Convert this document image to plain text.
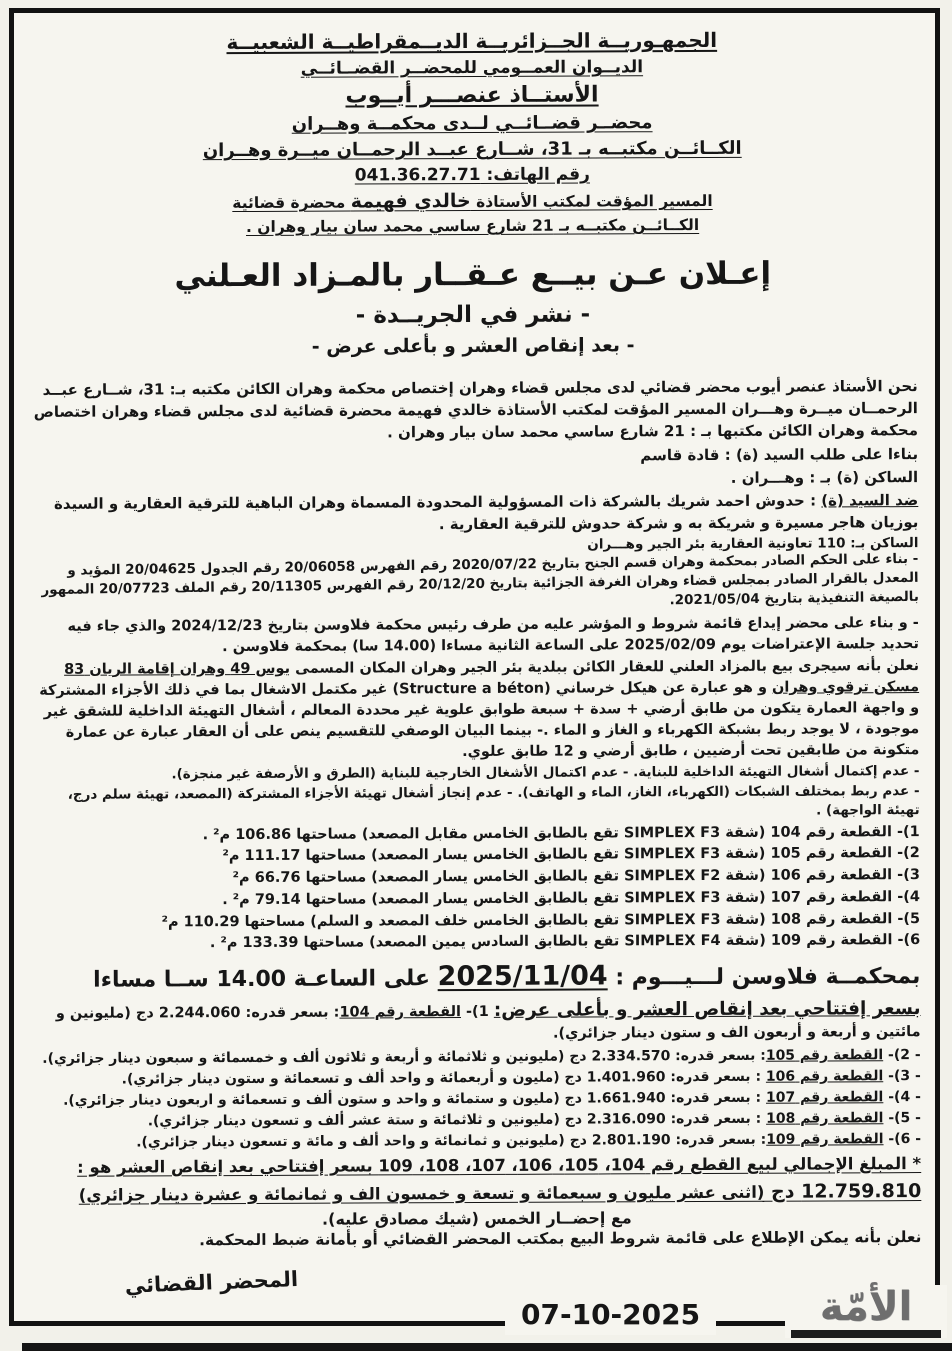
الجمهـوريــة الجــزائريــة الديــمقراطيــة الشعبيــة
الديــوان العمــومي للمحضــر القضــائــي
الأستــاذ عنصـــر أيــوب
محضــر قضــائــي لــدى محكمــة وهــران
الكــائــن مكتبــه بـ 31، شــارع عبــد الرحمــان ميــرة وهــران
رقم الهاتف: 041.36.27.71
المسير المؤقت لمكتب الأستاذة خالدي فهيمة محضرة قضائية
الكــائــن مكتبــه بـ 21 شارع ساسي محمد سان بيار وهران .
إعـلان عـن بيــع عـقــار بالمـزاد العـلني
- نشر في الجريــدة -
- بعد إنقاص العشر و بأعلى عرض -

نحن الأستاذ عنصر أيوب محضر قضائي لدى مجلس قضاء وهران إختصاص محكمة وهران الكائن مكتبه بـ: 31، شــارع عبــد الرحمــان ميــرة وهـــران المسير المؤقت لمكتب الأستاذة خالدي فهيمة محضرة قضائية لدى مجلس قضاء وهران اختصاص محكمة وهران الكائن مكتبها بـ : 21 شارع ساسي محمد سان بيار وهران .

بناءا على طلب السيد (ة) : قادة قاسم

الساكن (ة) بـ : وهـــران .

ضد السيد (ة) : حدوش احمد شريك بالشركة ذات المسؤولية المحدودة المسماة وهران الباهية للترقية العقارية و السيدة بوزيان هاجر مسيرة و شريكة به و شركة حدوش للترقية العقارية .

الساكن بـ: 110 تعاونية العقارية بئر الجير وهـــران

- بناء على الحكم الصادر بمحكمة وهران قسم الجنح بتاريخ 2020/07/22 رقم الفهرس 20/06058 رقم الجدول 20/04625 المؤيد و المعدل بالقرار الصادر بمجلس قضاء وهران الغرفة الجزائية بتاريخ 20/12/20 رقم الفهرس 20/11305 رقم الملف 20/07723 الممهور بالصيغة التنفيذية بتاريخ 2021/05/04.

- و بناء على محضر إيداع قائمة شروط و المؤشر عليه من طرف رئيس محكمة فلاوسن بتاريخ 2024/12/23 والذي جاء فيه تحديد جلسة الإعتراضات يوم 2025/02/09 على الساعة الثانية مساءا (14.00 سا) بمحكمة فلاوسن .

نعلن بأنه سيجرى بيع بالمزاد العلني للعقار الكائن ببلدية بئر الجير وهران المكان المسمى يوس 49 وهران إقامة الريان 83 مسكن ترقوي وهران و هو عبارة عن هيكل خرساني (Structure a béton) غير مكتمل الاشغال بما في ذلك الأجزاء المشتركة و واجهة العمارة يتكون من طابق أرضي + سدة + سبعة طوابق علوية غير محددة المعالم ، أشغال التهيئة الداخلية للشقق غير موجودة ، لا يوجد ربط بشبكة الكهرباء و الغاز و الماء .- بينما البيان الوصفي للتقسيم ينص على أن العقار عبارة عن عمارة متكونة من طابقين تحت أرضيين ، طابق أرضي و 12 طابق علوي.

- عدم إكتمال أشغال التهيئة الداخلية للبناية. - عدم اكتمال الأشغال الخارجية للبناية (الطرق و الأرصفة غير منجزة).

- عدم ربط بمختلف الشبكات (الكهرباء، الغاز، الماء و الهاتف). - عدم إنجاز أشغال تهيئة الأجزاء المشتركة (المصعد، تهيئة سلم درج، تهيئة الواجهة) .

1)- القطعة رقم 104 (شقة SIMPLEX F3 تقع بالطابق الخامس مقابل المصعد) مساحتها 106.86 م² .
2)- القطعة رقم 105 (شقة SIMPLEX F3 تقع بالطابق الخامس يسار المصعد) مساحتها 111.17 م²
3)- القطعة رقم 106 (شقة SIMPLEX F2 تقع بالطابق الخامس يسار المصعد) مساحتها 66.76 م²
4)- القطعة رقم 107 (شقة SIMPLEX F3 تقع بالطابق الخامس يسار المصعد) مساحتها 79.14 م² .
5)- القطعة رقم 108 (شقة SIMPLEX F3 تقع بالطابق الخامس خلف المصعد و السلم) مساحتها 110.29 م²
6)- القطعة رقم 109 (شقة SIMPLEX F4 تقع بالطابق السادس يمين المصعد) مساحتها 133.39 م² .
بمحكمــة فلاوسن لـــيـــوم : 2025/11/04 على الساعـة 14.00 ســا مساءا

بسعر إفتتاحي بعد إنقاص العشر و بأعلى عرض: 1)- القطعة رقم 104: بسعر قدره: 2.244.060 دج (مليونين و مائتين و أربعة و أربعون الف و ستون دينار جزائري).

- 2)- القطعة رقم 105: بسعر قدره: 2.334.570 دج (مليونين و ثلاثمائة و أربعة و ثلاثون ألف و خمسمائة و سبعون دينار جزائري).
- 3)- القطعة رقم 106 : بسعر قدره: 1.401.960 دج (مليون و أربعمائة و واحد ألف و تسعمائة و ستون دينار جزائري).
- 4)- القطعة رقم 107 : بسعر قدره: 1.661.940 دج (مليون و ستمائة و واحد و ستون ألف و تسعمائة و اربعون دينار جزائري).
- 5)- القطعة رقم 108 : بسعر قدره: 2.316.090 دج (مليونين و ثلاثمائة و ستة عشر ألف و تسعون دينار جزائري).
- 6)- القطعة رقم 109: بسعر قدره: 2.801.190 دج (مليونين و ثمانمائة و واحد ألف و مائة و تسعون دينار جزائري).
* المبلغ الإجمالي لبيع القطع رقم 104، 105، 106، 107، 108، 109 بسعر إفتتاحي بعد إنقاص العشر هو :
12.759.810 دج (اثنى عشر مليون و سبعمائة و تسعة و خمسون الف و ثمانمائة و عشرة دينار جزائري)
مع إحضــار الخمس (شيك مصادق عليه).
نعلن بأنه يمكن الإطلاع على قائمة شروط البيع بمكتب المحضر القضائي أو بأمانة ضبط المحكمة.
المحضر القضائي
07-10-2025	الأمّة
